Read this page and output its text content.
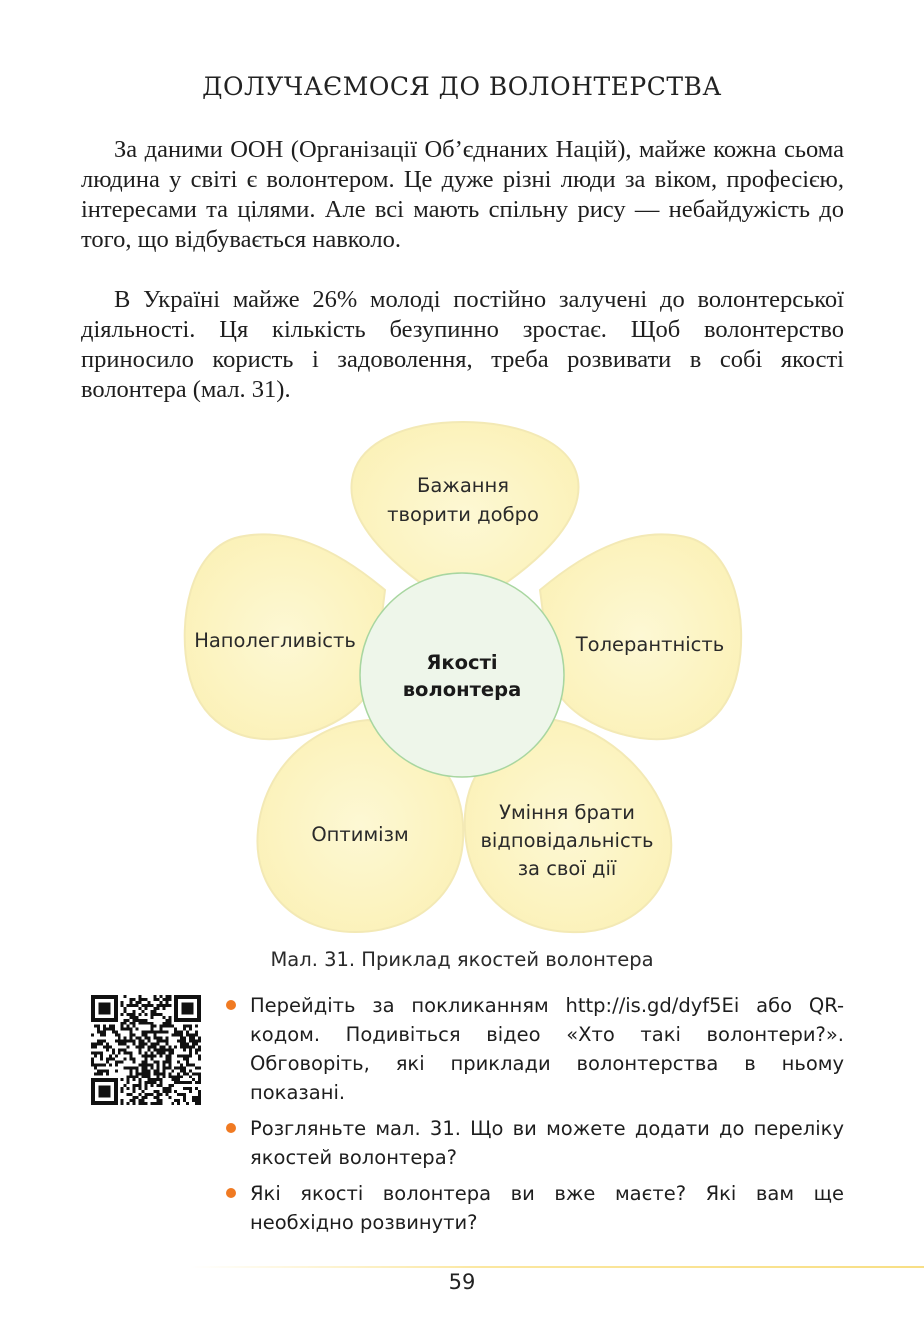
ДОЛУЧАЄМОСЯ ДО ВОЛОНТЕРСТВА

За даними ООН (Організації Об’єднаних Націй), майже кожна сьома людина у світі є волонтером. Це дуже різні люди за віком, професією, інтересами та цілями. Але всі мають спільну рису — небайдужість до того, що відбувається навколо.

В Україні майже 26% молоді постійно залучені до волонтерської діяльності. Ця кількість безупинно зростає. Щоб волонтерство приносило користь і задоволення, треба розвивати в собі якості волонтера (мал. 31).

Якості
волонтера
Бажання
творити добро
Толерантність
Уміння брати
відповідальність
за свої дії
Оптимізм
Наполегливість
Мал. 31. Приклад якостей волонтера
Перейдіть за покликанням http://is.gd/dyf5Ei або QR-кодом. Подивіться відео «Хто такі волонтери?». Обговоріть, які приклади волонтерства в ньому показані.
Розгляньте мал. 31. Що ви можете додати до переліку якостей волонтера?
Які якості волонтера ви вже маєте? Які вам ще необхідно розвинути?
59
